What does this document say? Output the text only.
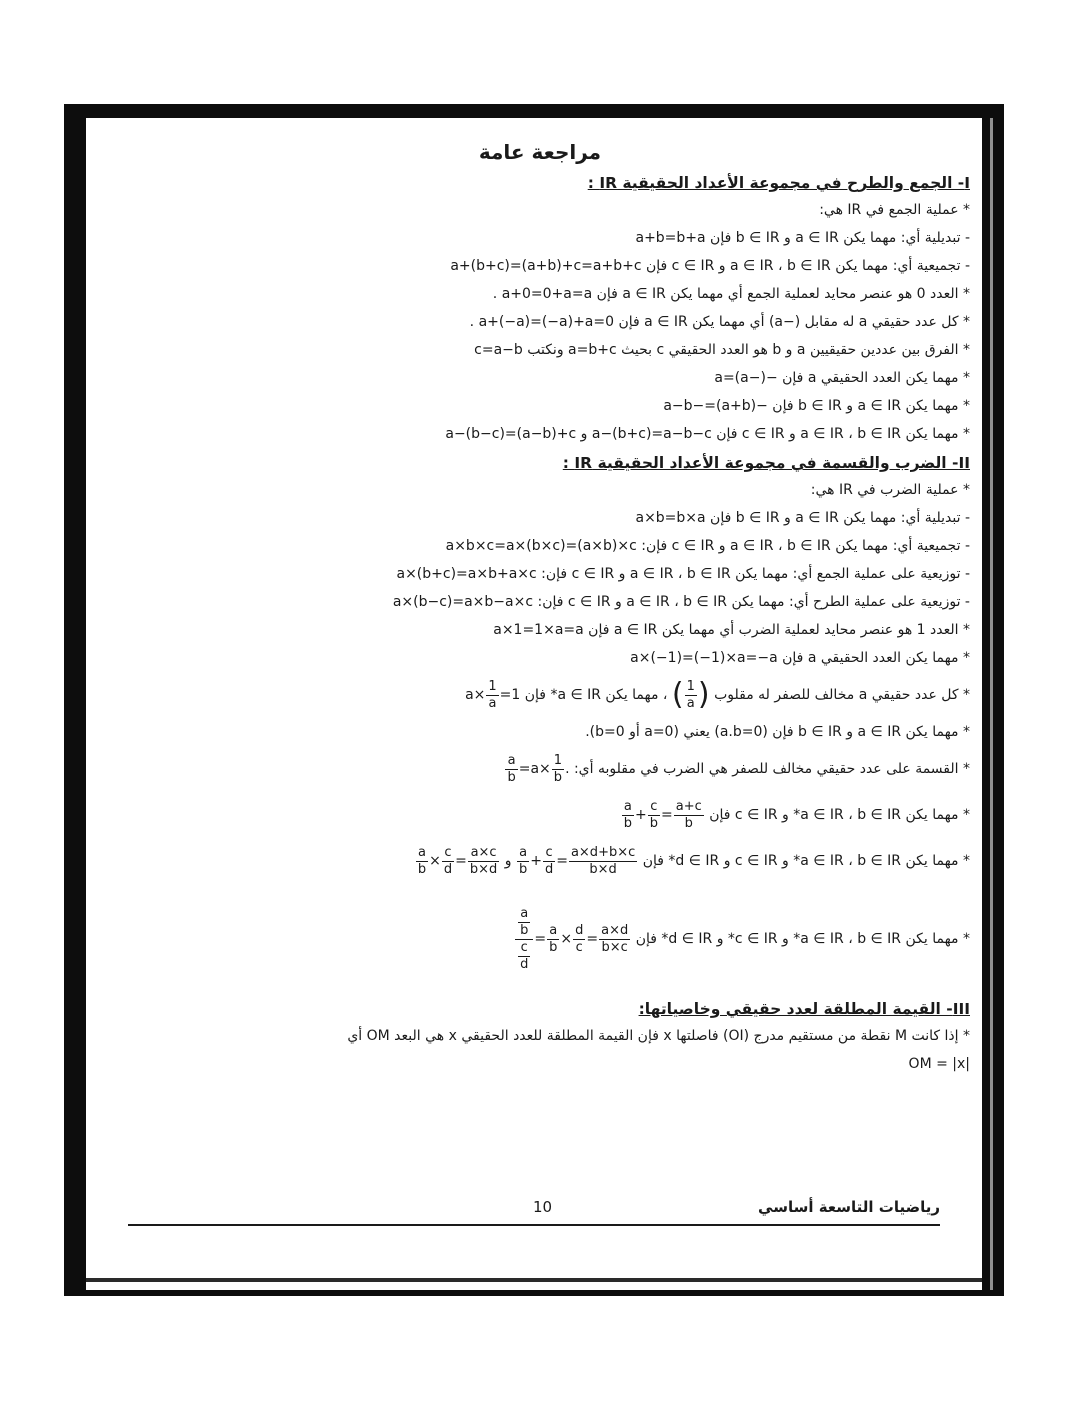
مراجعة عامة
I- الجمع والطرح في مجموعة الأعداد الحقيقية IR :
* عملية الجمع في IR هي:
- تبديلية أي: مهما يكن a ∈ IR و b ∈ IR فإن a+b=b+a
- تجميعية أي: مهما يكن a ∈ IR ، b ∈ IR و c ∈ IR فإن a+(b+c)=(a+b)+c=a+b+c
* العدد 0 هو عنصر محايد لعملية الجمع أي مهما يكن a ∈ IR فإن a+0=0+a=a .
* كل عدد حقيقي a له مقابل (−a) أي مهما يكن a ∈ IR فإن a+(−a)=(−a)+a=0 .
* الفرق بين عددين حقيقيين a و b هو العدد الحقيقي c بحيث a=b+c ونكتب c=a−b
* مهما يكن العدد الحقيقي a فإن −(−a)=a
* مهما يكن a ∈ IR و b ∈ IR فإن −(a+b)=−a−b
* مهما يكن a ∈ IR ، b ∈ IR و c ∈ IR فإن a−(b+c)=a−b−c و a−(b−c)=(a−b)+c
II- الضرب والقسمة في مجموعة الأعداد الحقيقية IR :
* عملية الضرب في IR هي:
- تبديلية أي: مهما يكن a ∈ IR و b ∈ IR فإن a×b=b×a
- تجميعية أي: مهما يكن a ∈ IR ، b ∈ IR و c ∈ IR فإن: a×b×c=a×(b×c)=(a×b)×c
- توزيعية على عملية الجمع أي: مهما يكن a ∈ IR ، b ∈ IR و c ∈ IR فإن: a×(b+c)=a×b+a×c
- توزيعية على عملية الطرح أي: مهما يكن a ∈ IR ، b ∈ IR و c ∈ IR فإن: a×(b−c)=a×b−a×c
* العدد 1 هو عنصر محايد لعملية الضرب أي مهما يكن a ∈ IR فإن a×1=1×a=a
* مهما يكن العدد الحقيقي a فإن a×(−1)=(−1)×a=−a
* كل عدد حقيقي a مخالف للصفر له مقلوب ( $\frac{1}{a}$ ) ، مهما يكن a ∈ IR* فإن $a\times \frac{1}{a} =1$
* مهما يكن a ∈ IR و b ∈ IR فإن (a.b=0) يعني (a=0 أو b=0).
* القسمة على عدد حقيقي مخالف للصفر هي الضرب في مقلوبه أي:
$\frac{a}{b} =a\times \frac{1}{b}$ .
* مهما يكن a ∈ IR ، b ∈ IR* و c ∈ IR فإن
$\frac{a}{b} + \frac{c}{b} = \frac{a+c}{b}$
* مهما يكن a ∈ IR ، b ∈ IR* و c ∈ IR و d ∈ IR* فإن
$\frac{a}{b} + \frac{c}{d} = \frac{a\times d+b\times c}{b\times d}$
و
$\frac{a}{b} \times \frac{c}{d} = \frac{a\times c}{b\times d}$
* مهما يكن a ∈ IR ، b ∈ IR* و c ∈ IR* و d ∈ IR* فإن
$\frac{\frac{a}{b}}{\frac{c}{d}} = \frac{a}{b} \times \frac{d}{c} = \frac{a\times d}{b\times c}$
III- القيمة المطلقة لعدد حقيقي وخاصياتها:
* إذا كانت M نقطة من مستقيم مدرج (OI) فاصلتها x فإن القيمة المطلقة للعدد الحقيقي x هي البعد OM أي
OM = |x|
رياضيات التاسعة أساسي
10
